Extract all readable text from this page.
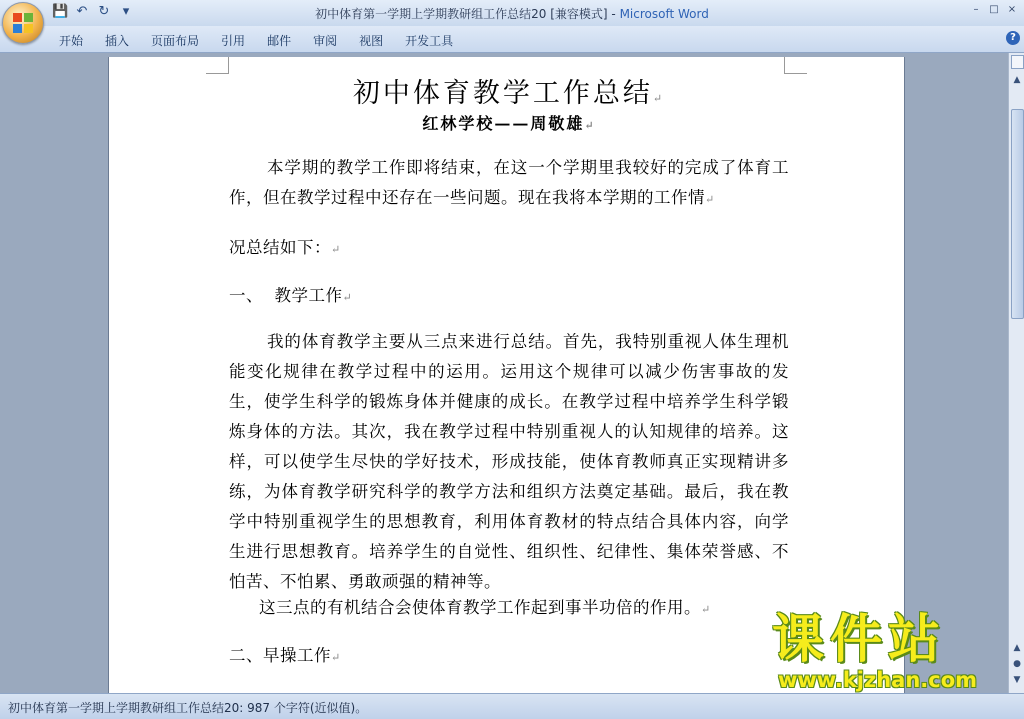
💾 ↶ ↻	▾	初中体育第一学期上学期教研组工作总结20 [兼容模式] - Microsoft Word	–	□ ×
开始	插入	页面布局	引用	邮件	审阅	视图	开发工具	?
初中体育教学工作总结↵
红林学校——周敬雄↵
本学期的教学工作即将结束，在这一个学期里我较好的完成了体育工作，但在教学过程中还存在一些问题。现在我将本学期的工作情↵
况总结如下：↵
一、  教学工作↵
我的体育教学主要从三点来进行总结。首先，我特别重视人体生理机能变化规律在教学过程中的运用。运用这个规律可以减少伤害事故的发生，使学生科学的锻炼身体并健康的成长。在教学过程中培养学生科学锻炼身体的方法。其次，我在教学过程中特别重视人的认知规律的培养。这样，可以使学生尽快的学好技术，形成技能，使体育教师真正实现精讲多练，为体育教学研究科学的教学方法和组织方法奠定基础。最后，我在教学中特别重视学生的思想教育，利用体育教材的特点结合具体内容，向学生进行思想教育。培养学生的自觉性、组织性、纪律性、集体荣誉感、不怕苦、不怕累、勇敢顽强的精神等。
这三点的有机结合会使体育教学工作起到事半功倍的作用。↵
二、早操工作↵
▲
▲
●
▼
初中体育第一学期上学期教研组工作总结20: 987 个字符(近似值)。
课件站
www.kjzhan.com
